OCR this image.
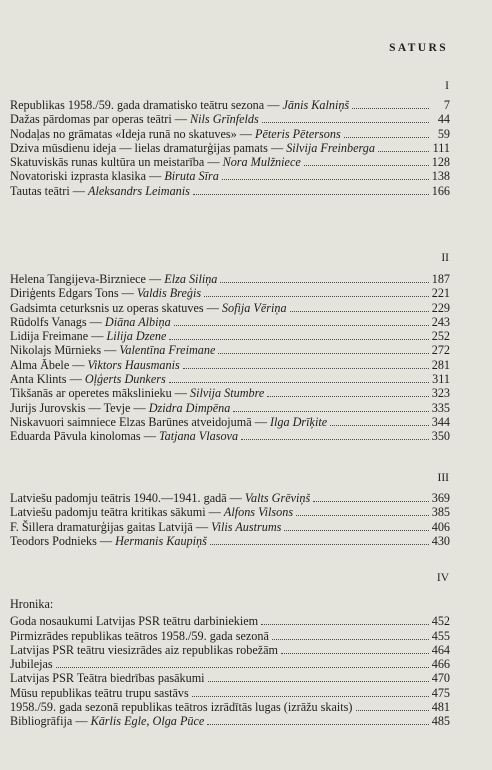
SATURS
I
Republikas 1958./59. gada dramatisko teātru sezona — Jānis Kalniņš	7
Dažas pārdomas par operas teātri — Nils Grīnfelds	44
Nodaļas no grāmatas «Ideja runā no skatuves» — Pēteris Pētersons	59
Dziva mūsdienu ideja — lielas dramaturģijas pamats — Silvija Freinberga	111
Skatuviskās runas kultūra un meistarība — Nora Mulžniece	128
Novatoriski izprasta klasika — Biruta Sīra	138
Tautas teātri — Aleksandrs Leimanis	166
II
Helena Tangijeva-Birzniece — Elza Siliņa	187
Diriģents Edgars Tons — Valdis Breģis	221
Gadsimta ceturksnis uz operas skatuves — Sofija Vēriņa	229
Rūdolfs Vanags — Diāna Albiņa	243
Lidija Freimane — Lilija Dzene	252
Nikolajs Mūrnieks — Valentīna Freimane	272
Alma Ābele — Viktors Hausmanis	281
Anta Klints — Oļģerts Dunkers	311
Tikšanās ar operetes mākslinieku — Silvija Stumbre	323
Jurijs Jurovskis — Tevje — Dzidra Dimpēna	335
Niskavuori saimniece Elzas Barūnes atveidojumā — Ilga Drīķite	344
Eduarda Pāvula kinolomas — Tatjana Vlasova	350
III
Latviešu padomju teātris 1940.—1941. gadā — Valts Grēviņš	369
Latviešu padomju teātra kritikas sākumi — Alfons Vilsons	385
F. Šillera dramaturģijas gaitas Latvijā — Vilis Austrums	406
Teodors Podnieks — Hermanis Kaupiņš	430
IV
Hronika:
Goda nosaukumi Latvijas PSR teātru darbiniekiem	452
Pirmizrādes republikas teātros 1958./59. gada sezonā	455
Latvijas PSR teātru viesizrādes aiz republikas robežām	464
Jubilejas	466
Latvijas PSR Teātra biedrības pasākumi	470
Mūsu republikas teātru trupu sastāvs	475
1958./59. gada sezonā republikas teātros izrādītās lugas (izrāžu skaits)	481
Bibliogrāfija — Kārlis Egle, Olga Pūce	485
